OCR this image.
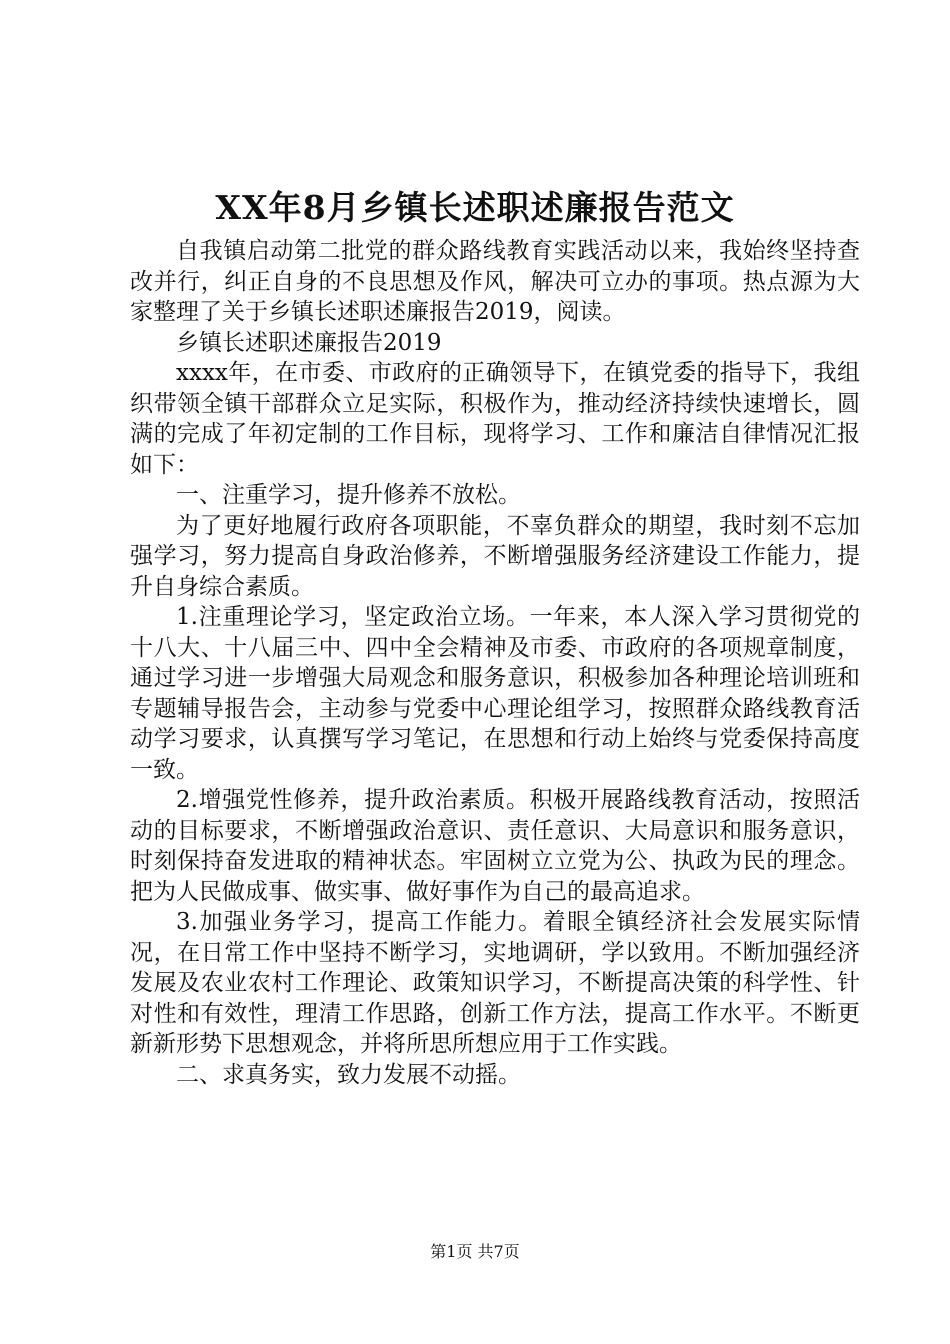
XX年8月乡镇长述职述廉报告范文

自我镇启动第二批党的群众路线教育实践活动以来，我始终坚持查改并行，纠正自身的不良思想及作风，解决可立办的事项。热点源为大家整理了关于乡镇长述职述廉报告2019，阅读。

乡镇长述职述廉报告2019

xxxx年，在市委、市政府的正确领导下，在镇党委的指导下，我组织带领全镇干部群众立足实际，积极作为，推动经济持续快速增长，圆满的完成了年初定制的工作目标，现将学习、工作和廉洁自律情况汇报如下：

一、注重学习，提升修养不放松。

为了更好地履行政府各项职能，不辜负群众的期望，我时刻不忘加强学习，努力提高自身政治修养，不断增强服务经济建设工作能力，提升自身综合素质。

1.注重理论学习，坚定政治立场。一年来，本人深入学习贯彻党的十八大、十八届三中、四中全会精神及市委、市政府的各项规章制度，通过学习进一步增强大局观念和服务意识，积极参加各种理论培训班和专题辅导报告会，主动参与党委中心理论组学习，按照群众路线教育活动学习要求，认真撰写学习笔记，在思想和行动上始终与党委保持高度一致。

2.增强党性修养，提升政治素质。积极开展路线教育活动，按照活动的目标要求，不断增强政治意识、责任意识、大局意识和服务意识，时刻保持奋发进取的精神状态。牢固树立立党为公、执政为民的理念。把为人民做成事、做实事、做好事作为自己的最高追求。

3.加强业务学习，提高工作能力。着眼全镇经济社会发展实际情况，在日常工作中坚持不断学习，实地调研，学以致用。不断加强经济发展及农业农村工作理论、政策知识学习，不断提高决策的科学性、针对性和有效性，理清工作思路，创新工作方法，提高工作水平。不断更新新形势下思想观念，并将所思所想应用于工作实践。

二、求真务实，致力发展不动摇。

第1页 共7页
